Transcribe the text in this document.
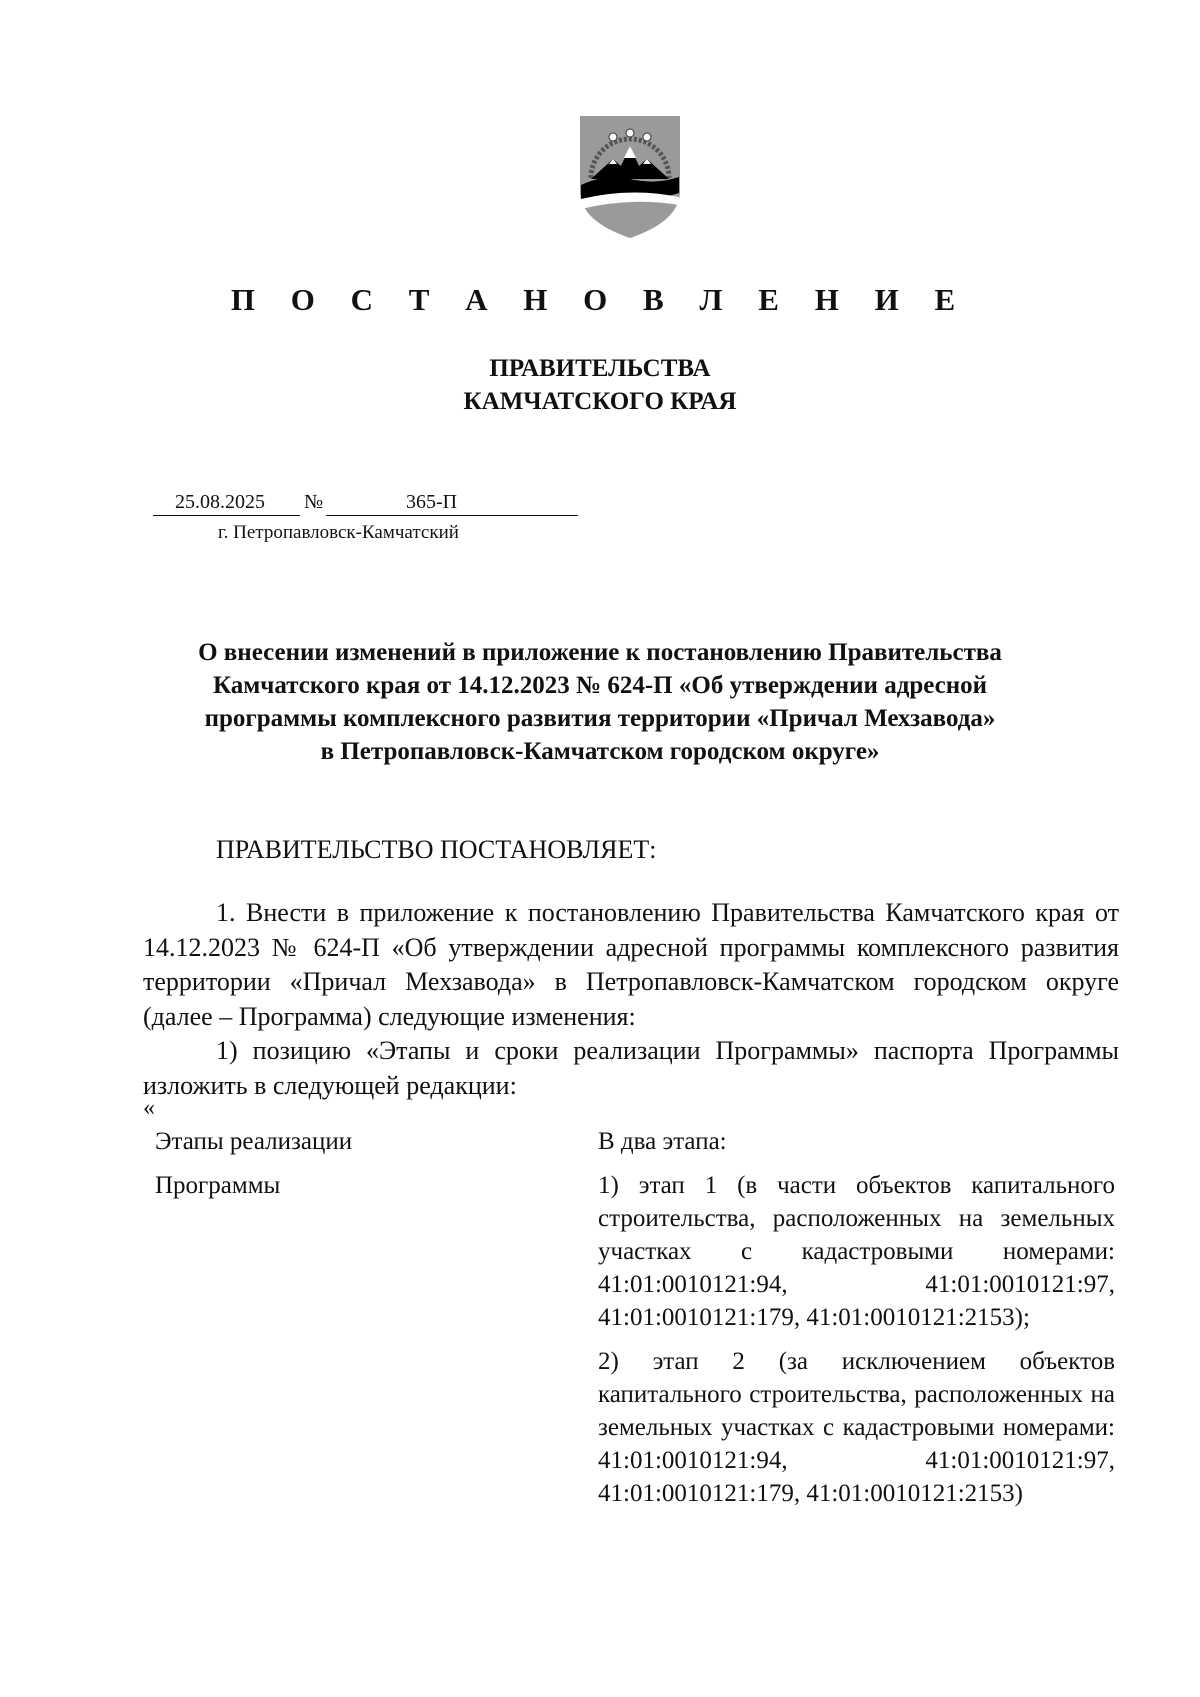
П О С Т А Н О В Л Е Н И Е
ПРАВИТЕЛЬСТВА
КАМЧАТСКОГО КРАЯ
25.08.2025 №	365-П
г. Петропавловск-Камчатский
О внесении изменений в приложение к постановлению Правительства
Камчатского края от 14.12.2023 № 624-П «Об утверждении адресной
программы комплексного развития территории «Причал Мехзавода»
в Петропавловск-Камчатском городском округе»
ПРАВИТЕЛЬСТВО ПОСТАНОВЛЯЕТ:

1. Внести в приложение к постановлению Правительства Камчатского края от 14.12.2023 № 624-П «Об утверждении адресной программы комплексного развития территории «Причал Мехзавода» в Петропавловск-Камчатском городском округе (далее – Программа) следующие изменения:

1) позицию «Этапы и сроки реализации Программы» паспорта Программы изложить в следующей редакции:

«
Этапы реализации
Программы
В два этапа:
1) этап 1 (в части объектов капитального строительства, расположенных на земельных участках с кадастровыми номерами: 41:01:0010121:94, 41:01:0010121:97, 41:01:0010121:179, 41:01:0010121:2153);
2) этап 2 (за исключением объектов капитального строительства, расположенных на земельных участках с кадастровыми номерами: 41:01:0010121:94, 41:01:0010121:97, 41:01:0010121:179, 41:01:0010121:2153)
